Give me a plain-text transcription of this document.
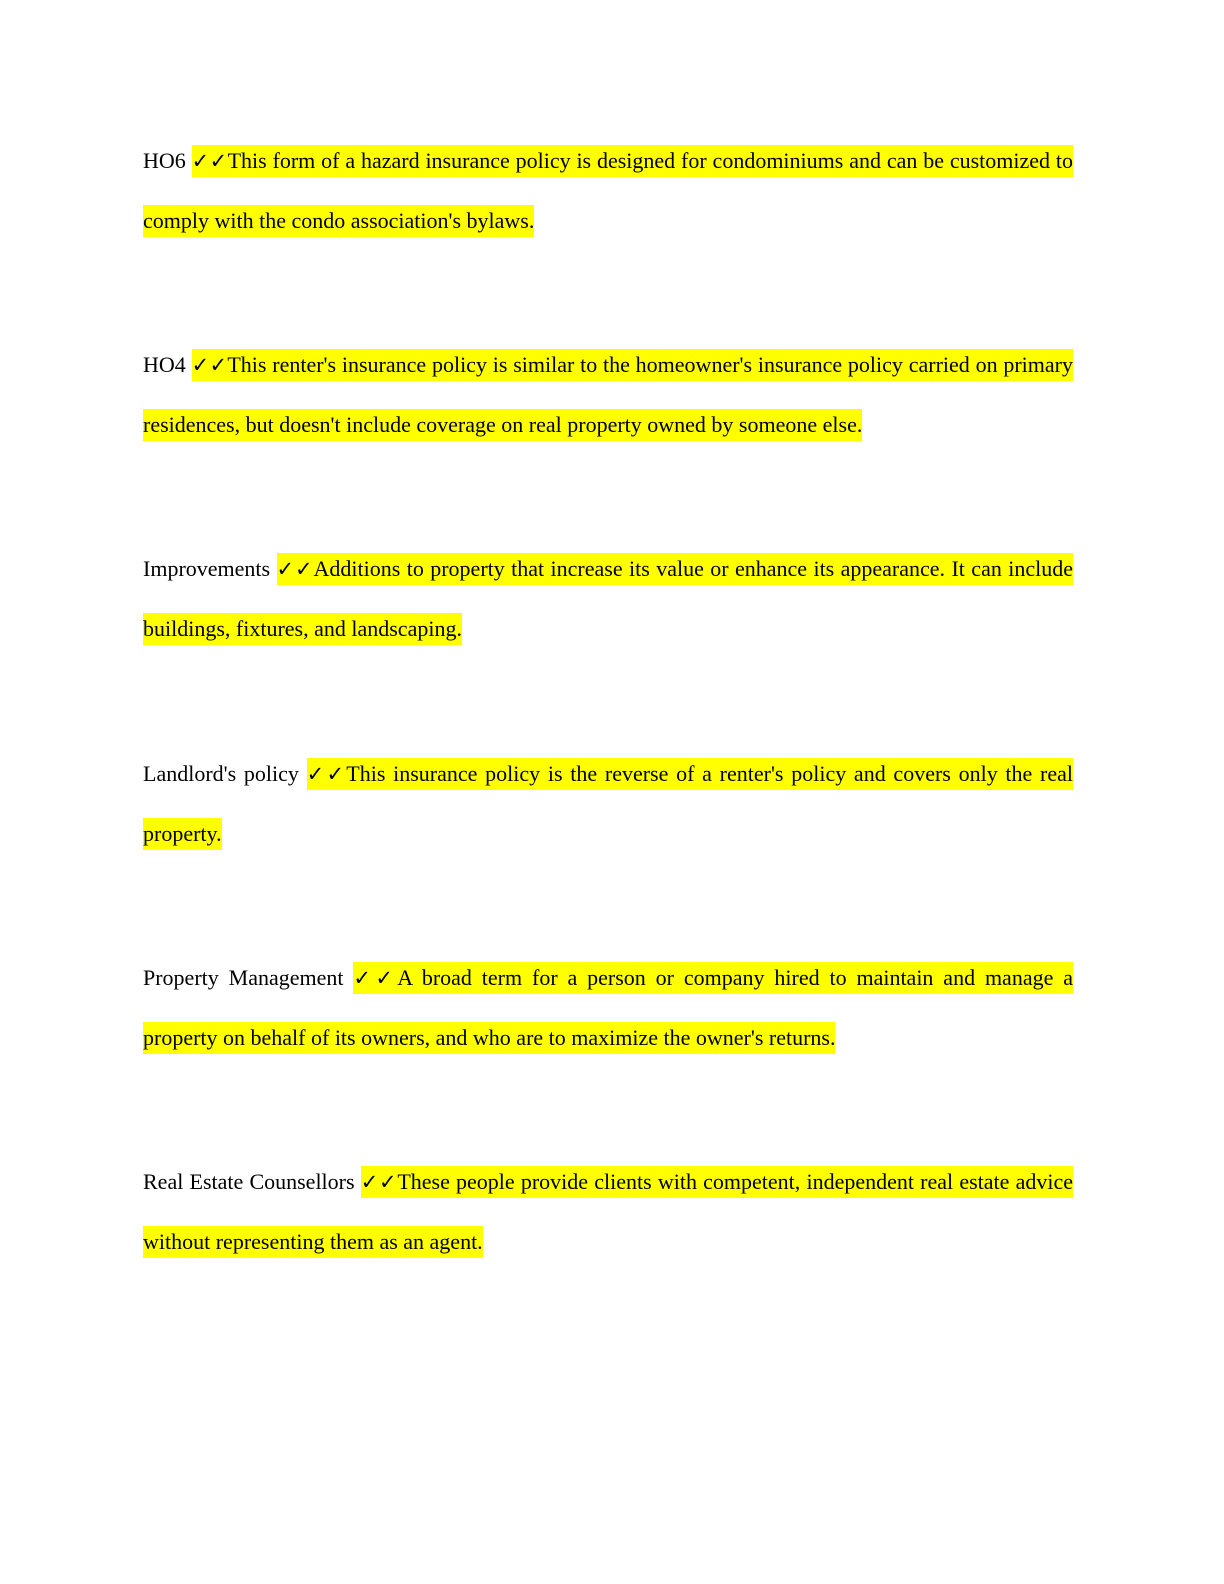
HO6 ✓✓This form of a hazard insurance policy is designed for condominiums and can be customized to comply with the condo association's bylaws.
HO4 ✓✓This renter's insurance policy is similar to the homeowner's insurance policy carried on primary residences, but doesn't include coverage on real property owned by someone else.
Improvements ✓✓Additions to property that increase its value or enhance its appearance. It can include buildings, fixtures, and landscaping.
Landlord's policy ✓✓This insurance policy is the reverse of a renter's policy and covers only the real property.
Property Management ✓✓A broad term for a person or company hired to maintain and manage a property on behalf of its owners, and who are to maximize the owner's returns.
Real Estate Counsellors ✓✓These people provide clients with competent, independent real estate advice without representing them as an agent.
